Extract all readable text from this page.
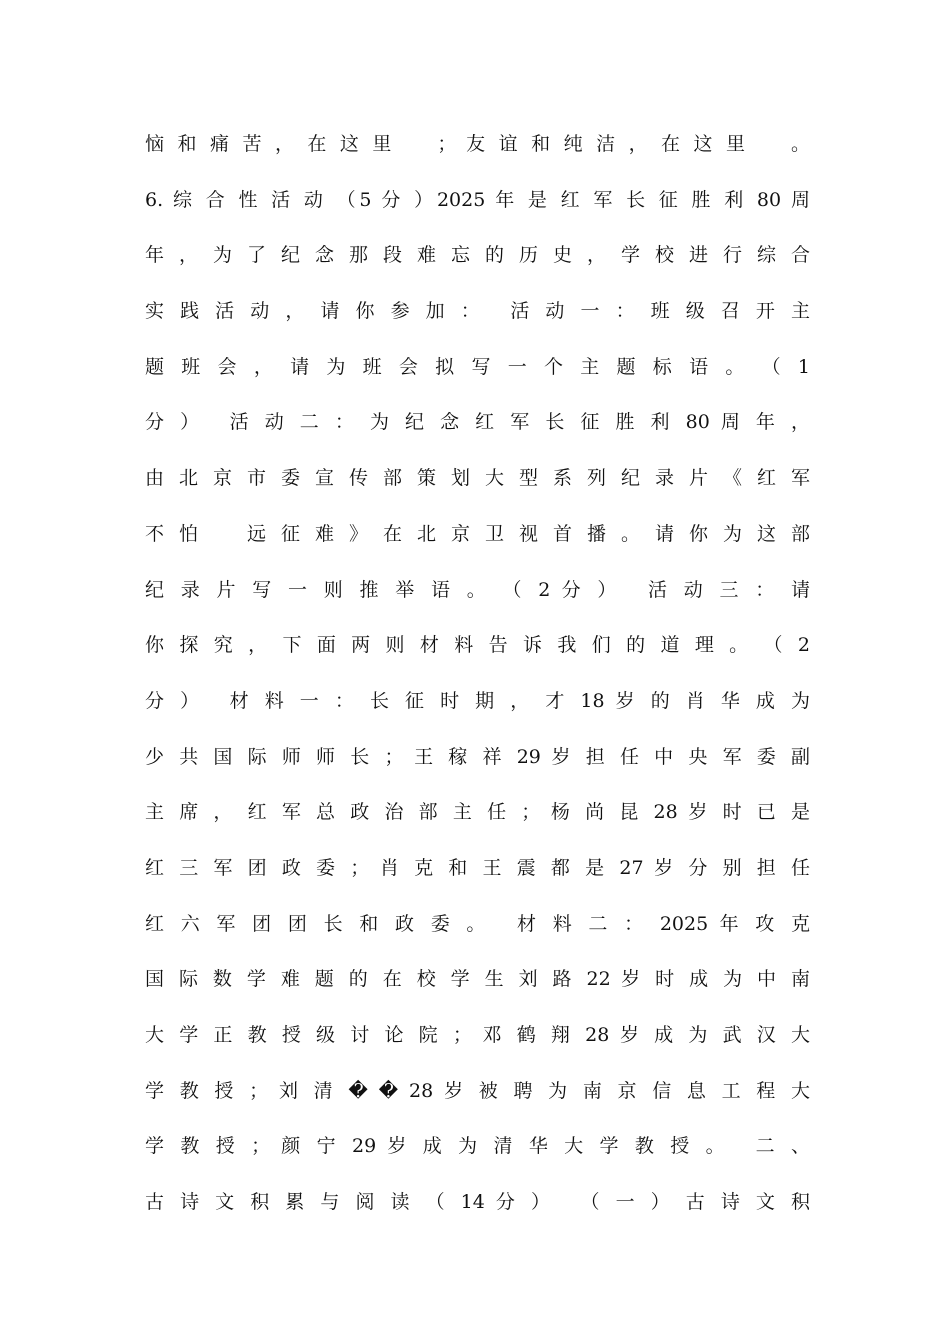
恼 和 痛 苦 ， 在 这 里 　 ； 友 谊 和 纯 洁 ， 在 这 里 　 。
6. 综 合 性 活 动 （5 分 ）2025 年 是 红 军 长 征 胜 利 80 周
年 ， 为 了 纪 念 那 段 难 忘 的 历 史 ， 学 校 进 行 综 合
实 践 活 动 ， 请 你 参 加 ：　 活 动 一 ： 班 级 召 开 主
题 班 会 ， 请 为 班 会 拟 写 一 个 主 题 标 语 。 （ 1
分 ）　 活 动 二 ： 为 纪 念 红 军 长 征 胜 利 80 周 年 ，
由 北 京 市 委 宣 传 部 策 划 大 型 系 列 纪 录 片 《 红 军
不 怕 　 远 征 难 》 在 北 京 卫 视 首 播 。 请 你 为 这 部
纪 录 片 写 一 则 推 举 语 。 （ 2 分 ）　 活 动 三 ： 请
你 探 究 ， 下 面 两 则 材 料 告 诉 我 们 的 道 理 。 （ 2
分 ）　 材 料 一 ： 长 征 时 期 ， 才 18 岁 的 肖 华 成 为
少 共 国 际 师 师 长 ； 王 稼 祥 29 岁 担 任 中 央 军 委 副
主 席 ， 红 军 总 政 治 部 主 任 ； 杨 尚 昆 28 岁 时 已 是
红 三 军 团 政 委 ； 肖 克 和 王 震 都 是 27 岁 分 别 担 任
红 六 军 团 团 长 和 政 委 。　 材 料 二 ： 2025 年 攻 克
国 际 数 学 难 题 的 在 校 学 生 刘 路 22 岁 时 成 为 中 南
大 学 正 教 授 级 讨 论 院 ； 邓 鹤 翔 28 岁 成 为 武 汉 大
学 教 授 ； 刘 清 � � 28 岁 被 聘 为 南 京 信 息 工 程 大
学 教 授 ； 颜 宁 29 岁 成 为 清 华 大 学 教 授 。　 二 、
古 诗 文 积 累 与 阅 读 （ 14 分 ）　 （ 一 ） 古 诗 文 积
